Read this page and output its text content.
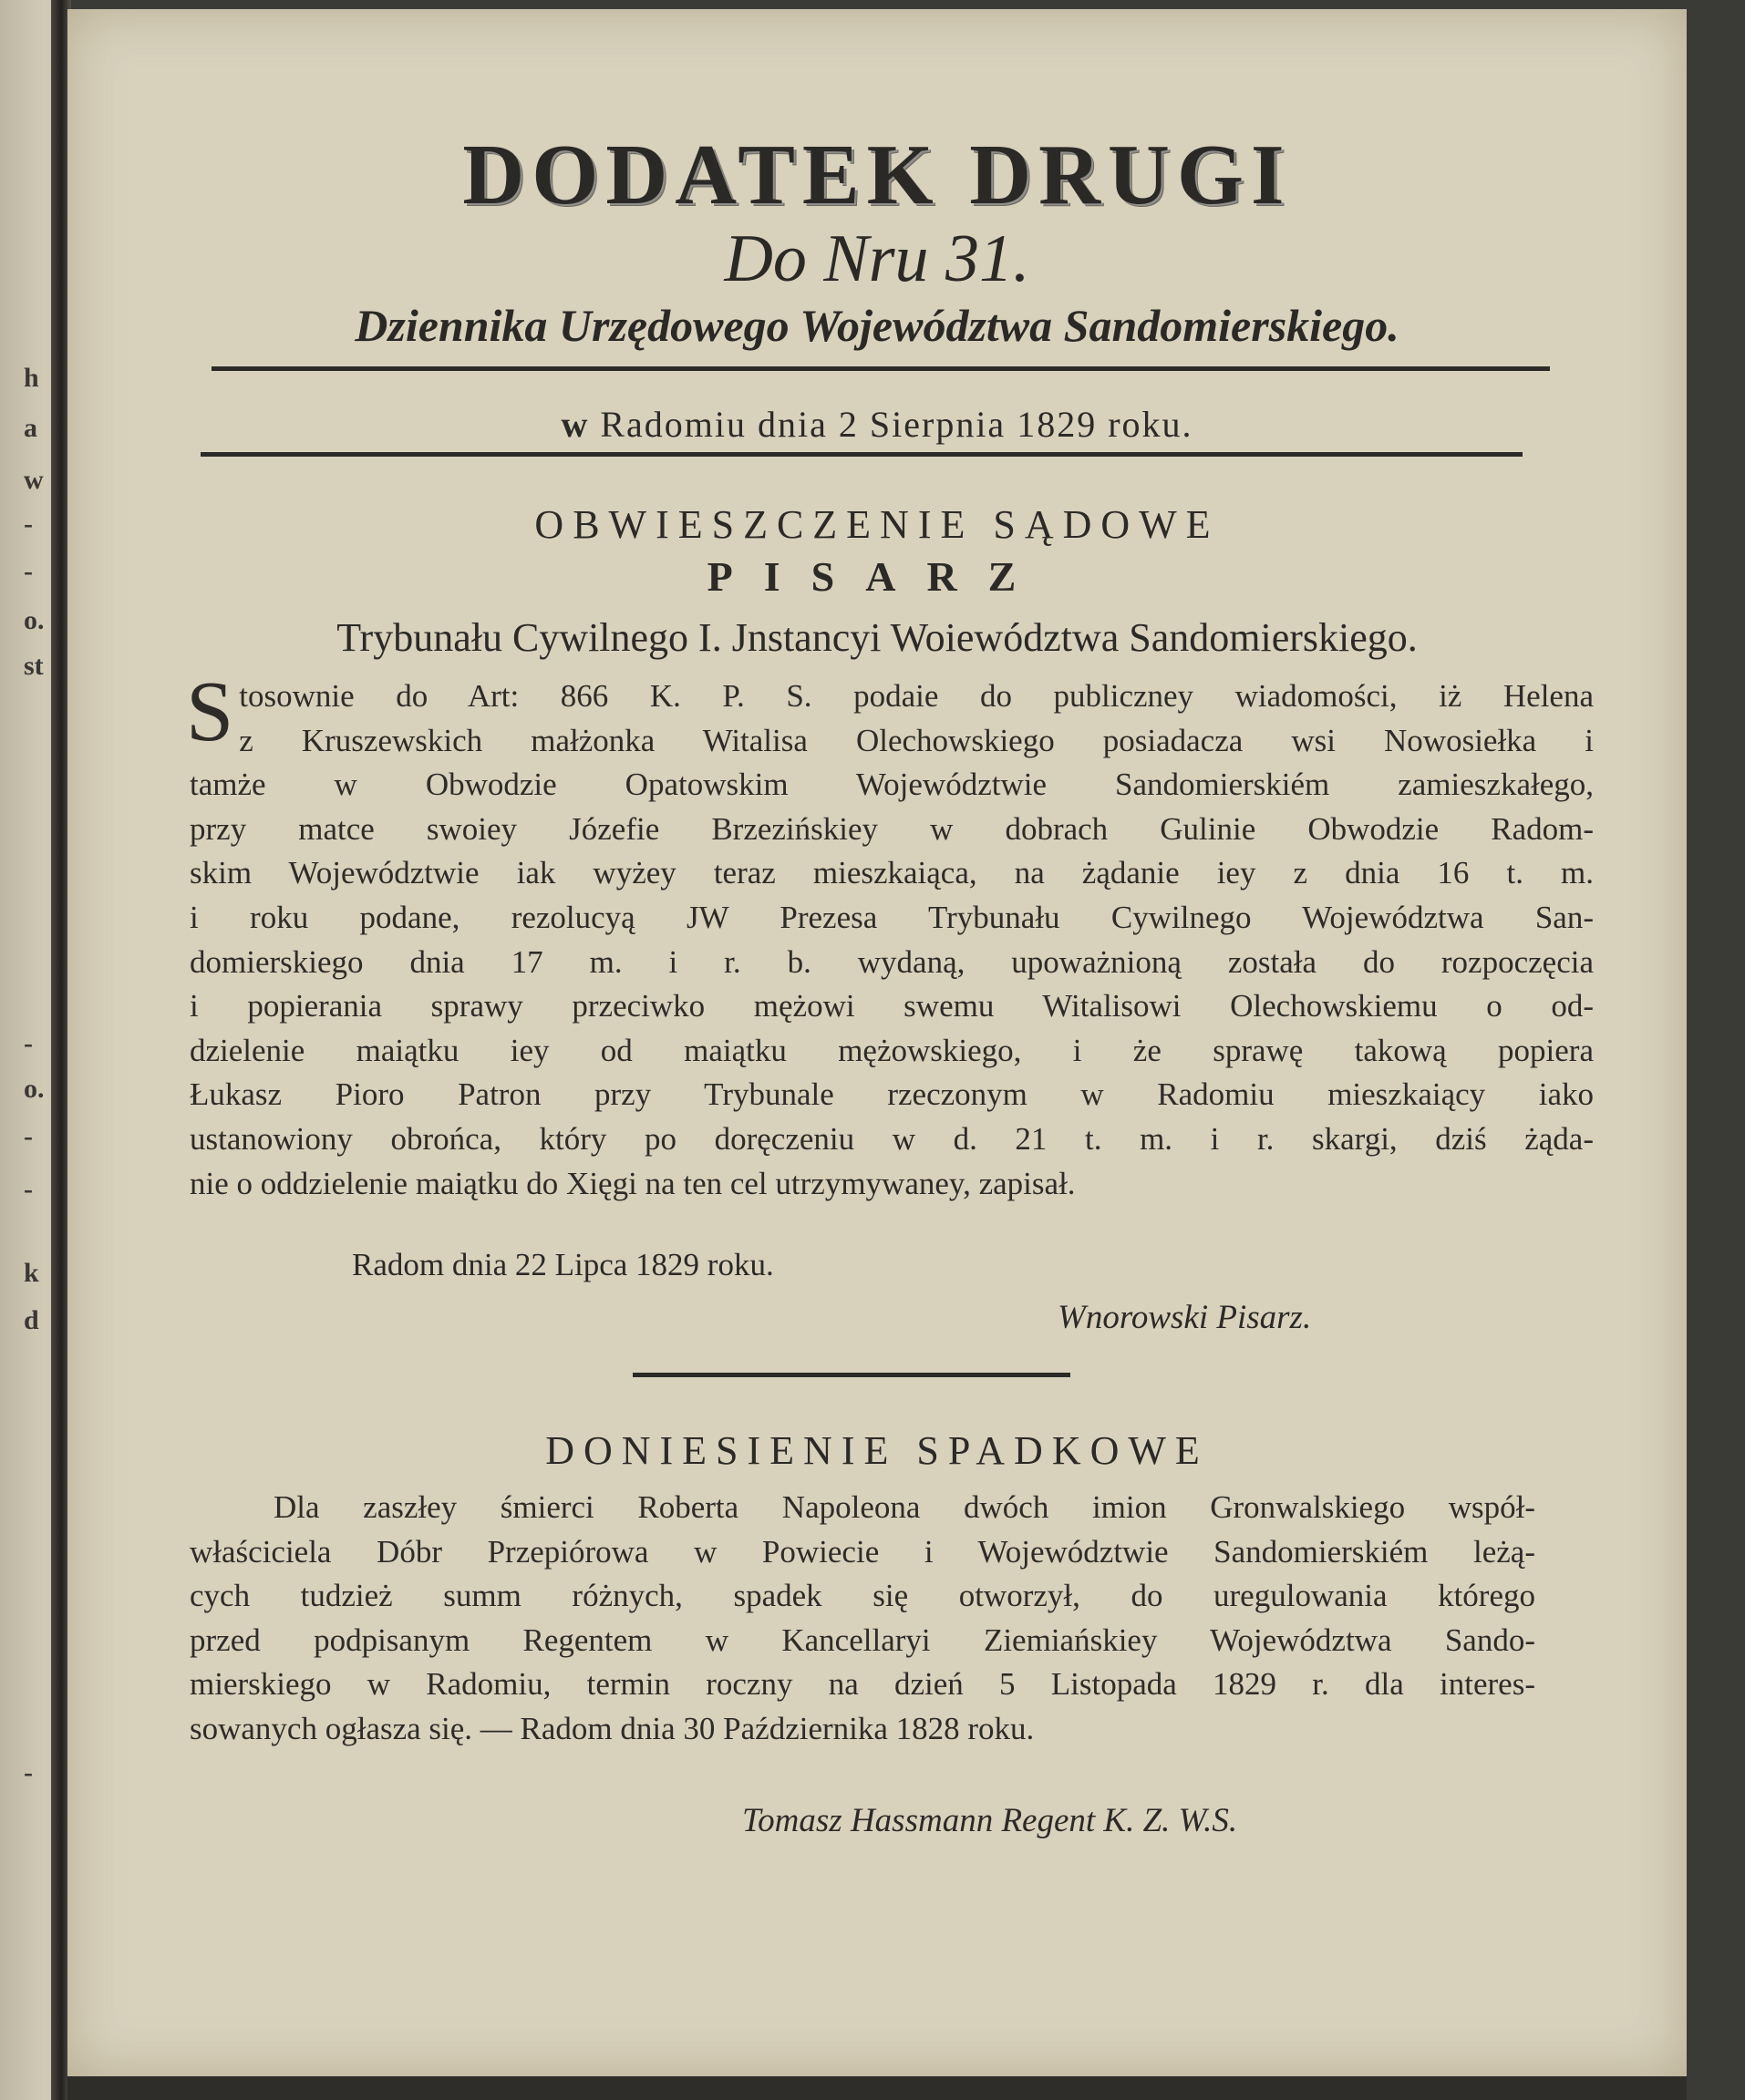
h
a
w
-
-
o.
st
-
o.
-
-
k
d
-
DODATEK DRUGI
Do Nru 31.
Dziennika Urzędowego Województwa Sandomierskiego.
w Radomiu dnia 2 Sierpnia 1829 roku.
OBWIESZCZENIE SĄDOWE
PISARZ
Trybunału Cywilnego I. Jnstancyi Woiewództwa Sandomierskiego.
S tosownie do Art: 866 K. P. S. podaie do publiczney wiadomości, iż Helena
z Kruszewskich małżonka Witalisa Olechowskiego posiadacza wsi Nowosiełka i
tamże w Obwodzie Opatowskim Województwie Sandomierskiém zamieszkałego,
przy matce swoiey Józefie Brzezińskiey w dobrach Gulinie Obwodzie Radom-
skim Województwie iak wyżey teraz mieszkaiąca, na żądanie iey z dnia 16 t. m.
i roku podane, rezolucyą JW Prezesa Trybunału Cywilnego Województwa San-
domierskiego dnia 17 m. i r. b. wydaną, upoważnioną została do rozpoczęcia
i popierania sprawy przeciwko mężowi swemu Witalisowi Olechowskiemu o od-
dzielenie maiątku iey od maiątku mężowskiego, i że sprawę takową popiera
Łukasz Pioro Patron przy Trybunale rzeczonym w Radomiu mieszkaiący iako
ustanowiony obrońca, który po doręczeniu w d. 21 t. m. i r. skargi, dziś żąda-
nie o oddzielenie maiątku do Xięgi na ten cel utrzymywaney, zapisał.
Radom dnia 22 Lipca 1829 roku.
Wnorowski Pisarz.
DONIESIENIE SPADKOWE
Dla zaszłey śmierci Roberta Napoleona dwóch imion Gronwalskiego współ-
właściciela Dóbr Przepiórowa w Powiecie i Województwie Sandomierskiém leżą-
cych tudzież summ różnych, spadek się otworzył, do uregulowania którego
przed podpisanym Regentem w Kancellaryi Ziemiańskiey Województwa Sando-
mierskiego w Radomiu, termin roczny na dzień 5 Listopada 1829 r. dla interes-
sowanych ogłasza się. — Radom dnia 30 Października 1828 roku.
Tomasz Hassmann Regent K. Z. W.S.
